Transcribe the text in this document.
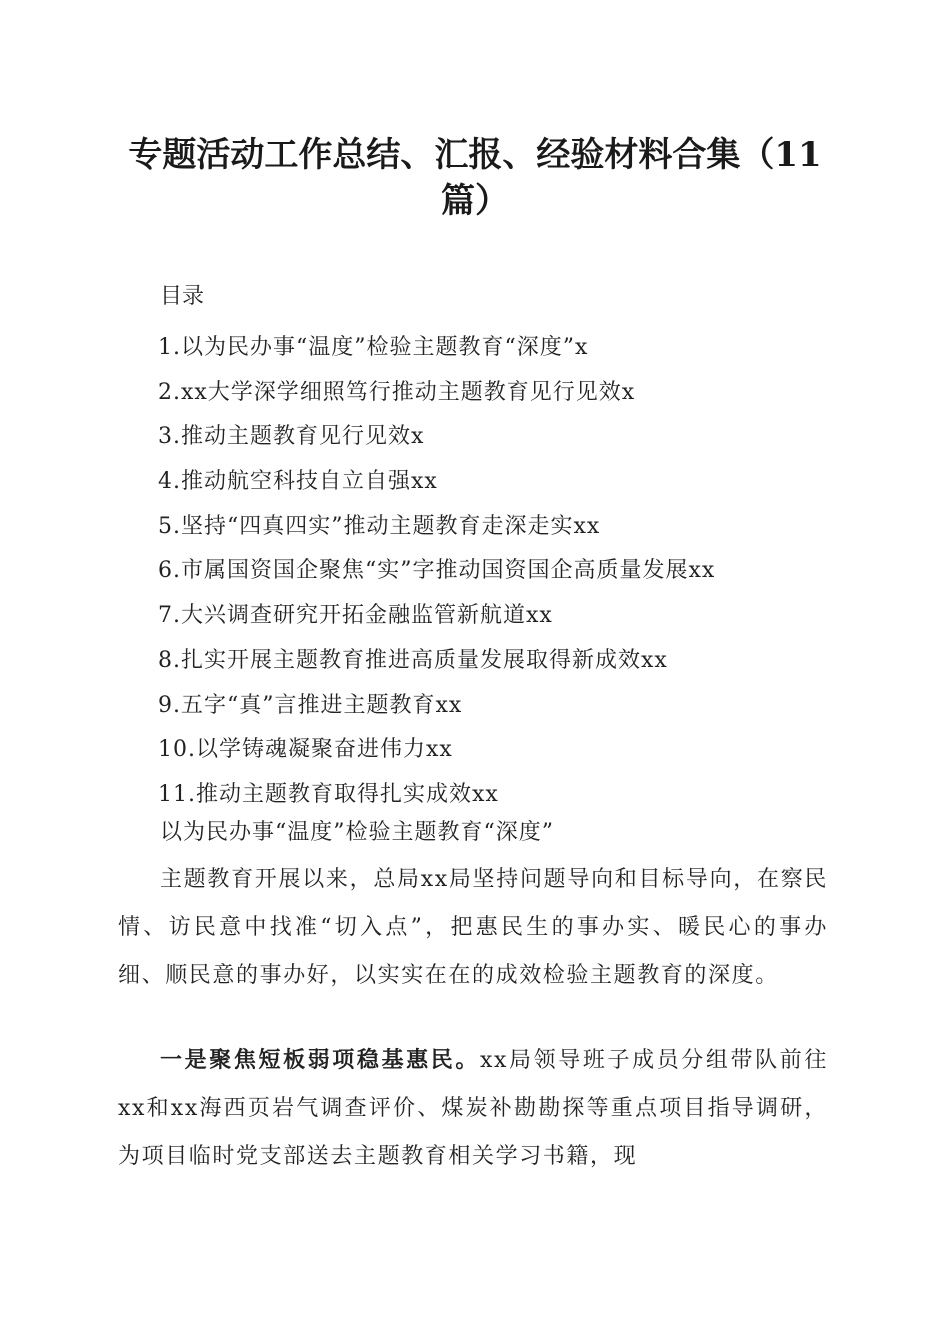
专题活动工作总结、汇报、经验材料合集（11篇）
目录
1.以为民办事“温度”检验主题教育“深度”x
2.xx大学深学细照笃行推动主题教育见行见效x
3.推动主题教育见行见效x
4.推动航空科技自立自强xx
5.坚持“四真四实”推动主题教育走深走实xx
6.市属国资国企聚焦“实”字推动国资国企高质量发展xx
7.大兴调查研究开拓金融监管新航道xx
8.扎实开展主题教育推进高质量发展取得新成效xx
9.五字“真”言推进主题教育xx
10.以学铸魂凝聚奋进伟力xx
11.推动主题教育取得扎实成效xx
以为民办事“温度”检验主题教育“深度”

主题教育开展以来，总局xx局坚持问题导向和目标导向，在察民情、访民意中找准“切入点”，把惠民生的事办实、暖民心的事办细、顺民意的事办好，以实实在在的成效检验主题教育的深度。

一是聚焦短板弱项稳基惠民。xx局领导班子成员分组带队前往xx和xx海西页岩气调查评价、煤炭补勘勘探等重点项目指导调研，为项目临时党支部送去主题教育相关学习书籍，现
